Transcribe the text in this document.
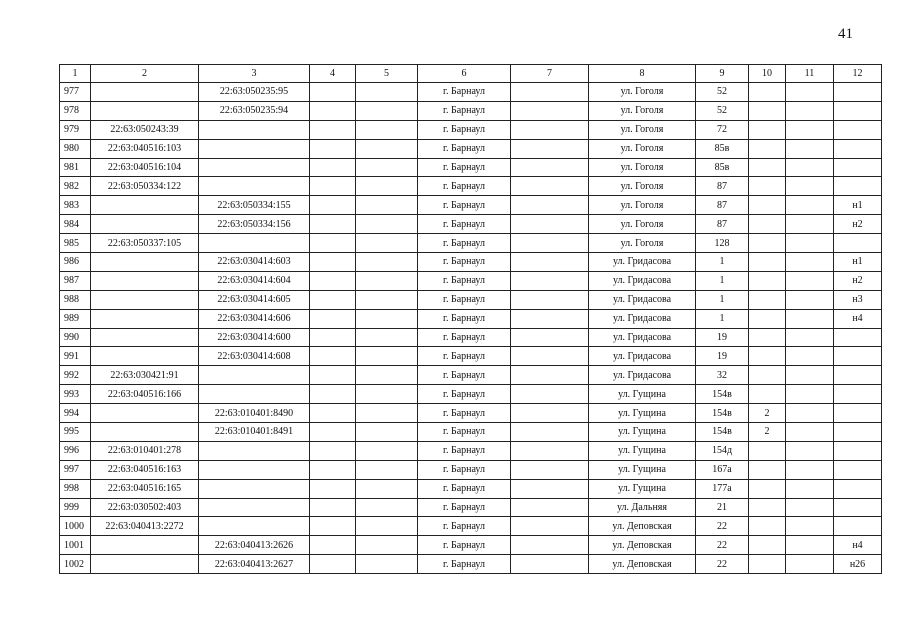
41
1	2	3	4	5	6	7	8	9	10	11	12
977		22:63:050235:95			г. Барнаул		ул. Гоголя	52			
978		22:63:050235:94			г. Барнаул		ул. Гоголя	52			
979	22:63:050243:39				г. Барнаул		ул. Гоголя	72			
980	22:63:040516:103				г. Барнаул		ул. Гоголя	85в			
981	22:63:040516:104				г. Барнаул		ул. Гоголя	85в			
982	22:63:050334:122				г. Барнаул		ул. Гоголя	87			
983		22:63:050334:155			г. Барнаул		ул. Гоголя	87			н1
984		22:63:050334:156			г. Барнаул		ул. Гоголя	87			н2
985	22:63:050337:105				г. Барнаул		ул. Гоголя	128			
986		22:63:030414:603			г. Барнаул		ул. Гридасова	1			н1
987		22:63:030414:604			г. Барнаул		ул. Гридасова	1			н2
988		22:63:030414:605			г. Барнаул		ул. Гридасова	1			н3
989		22:63:030414:606			г. Барнаул		ул. Гридасова	1			н4
990		22:63:030414:600			г. Барнаул		ул. Гридасова	19			
991		22:63:030414:608			г. Барнаул		ул. Гридасова	19			
992	22:63:030421:91				г. Барнаул		ул. Гридасова	32			
993	22:63:040516:166				г. Барнаул		ул. Гущина	154в			
994		22:63:010401:8490			г. Барнаул		ул. Гущина	154в	2		
995		22:63:010401:8491			г. Барнаул		ул. Гущина	154в	2		
996	22:63:010401:278				г. Барнаул		ул. Гущина	154д			
997	22:63:040516:163				г. Барнаул		ул. Гущина	167а			
998	22:63:040516:165				г. Барнаул		ул. Гущина	177а			
999	22:63:030502:403				г. Барнаул		ул. Дальняя	21			
1000	22:63:040413:2272				г. Барнаул		ул. Деповская	22			
1001		22:63:040413:2626			г. Барнаул		ул. Деповская	22			н4
1002		22:63:040413:2627			г. Барнаул		ул. Деповская	22			н26
